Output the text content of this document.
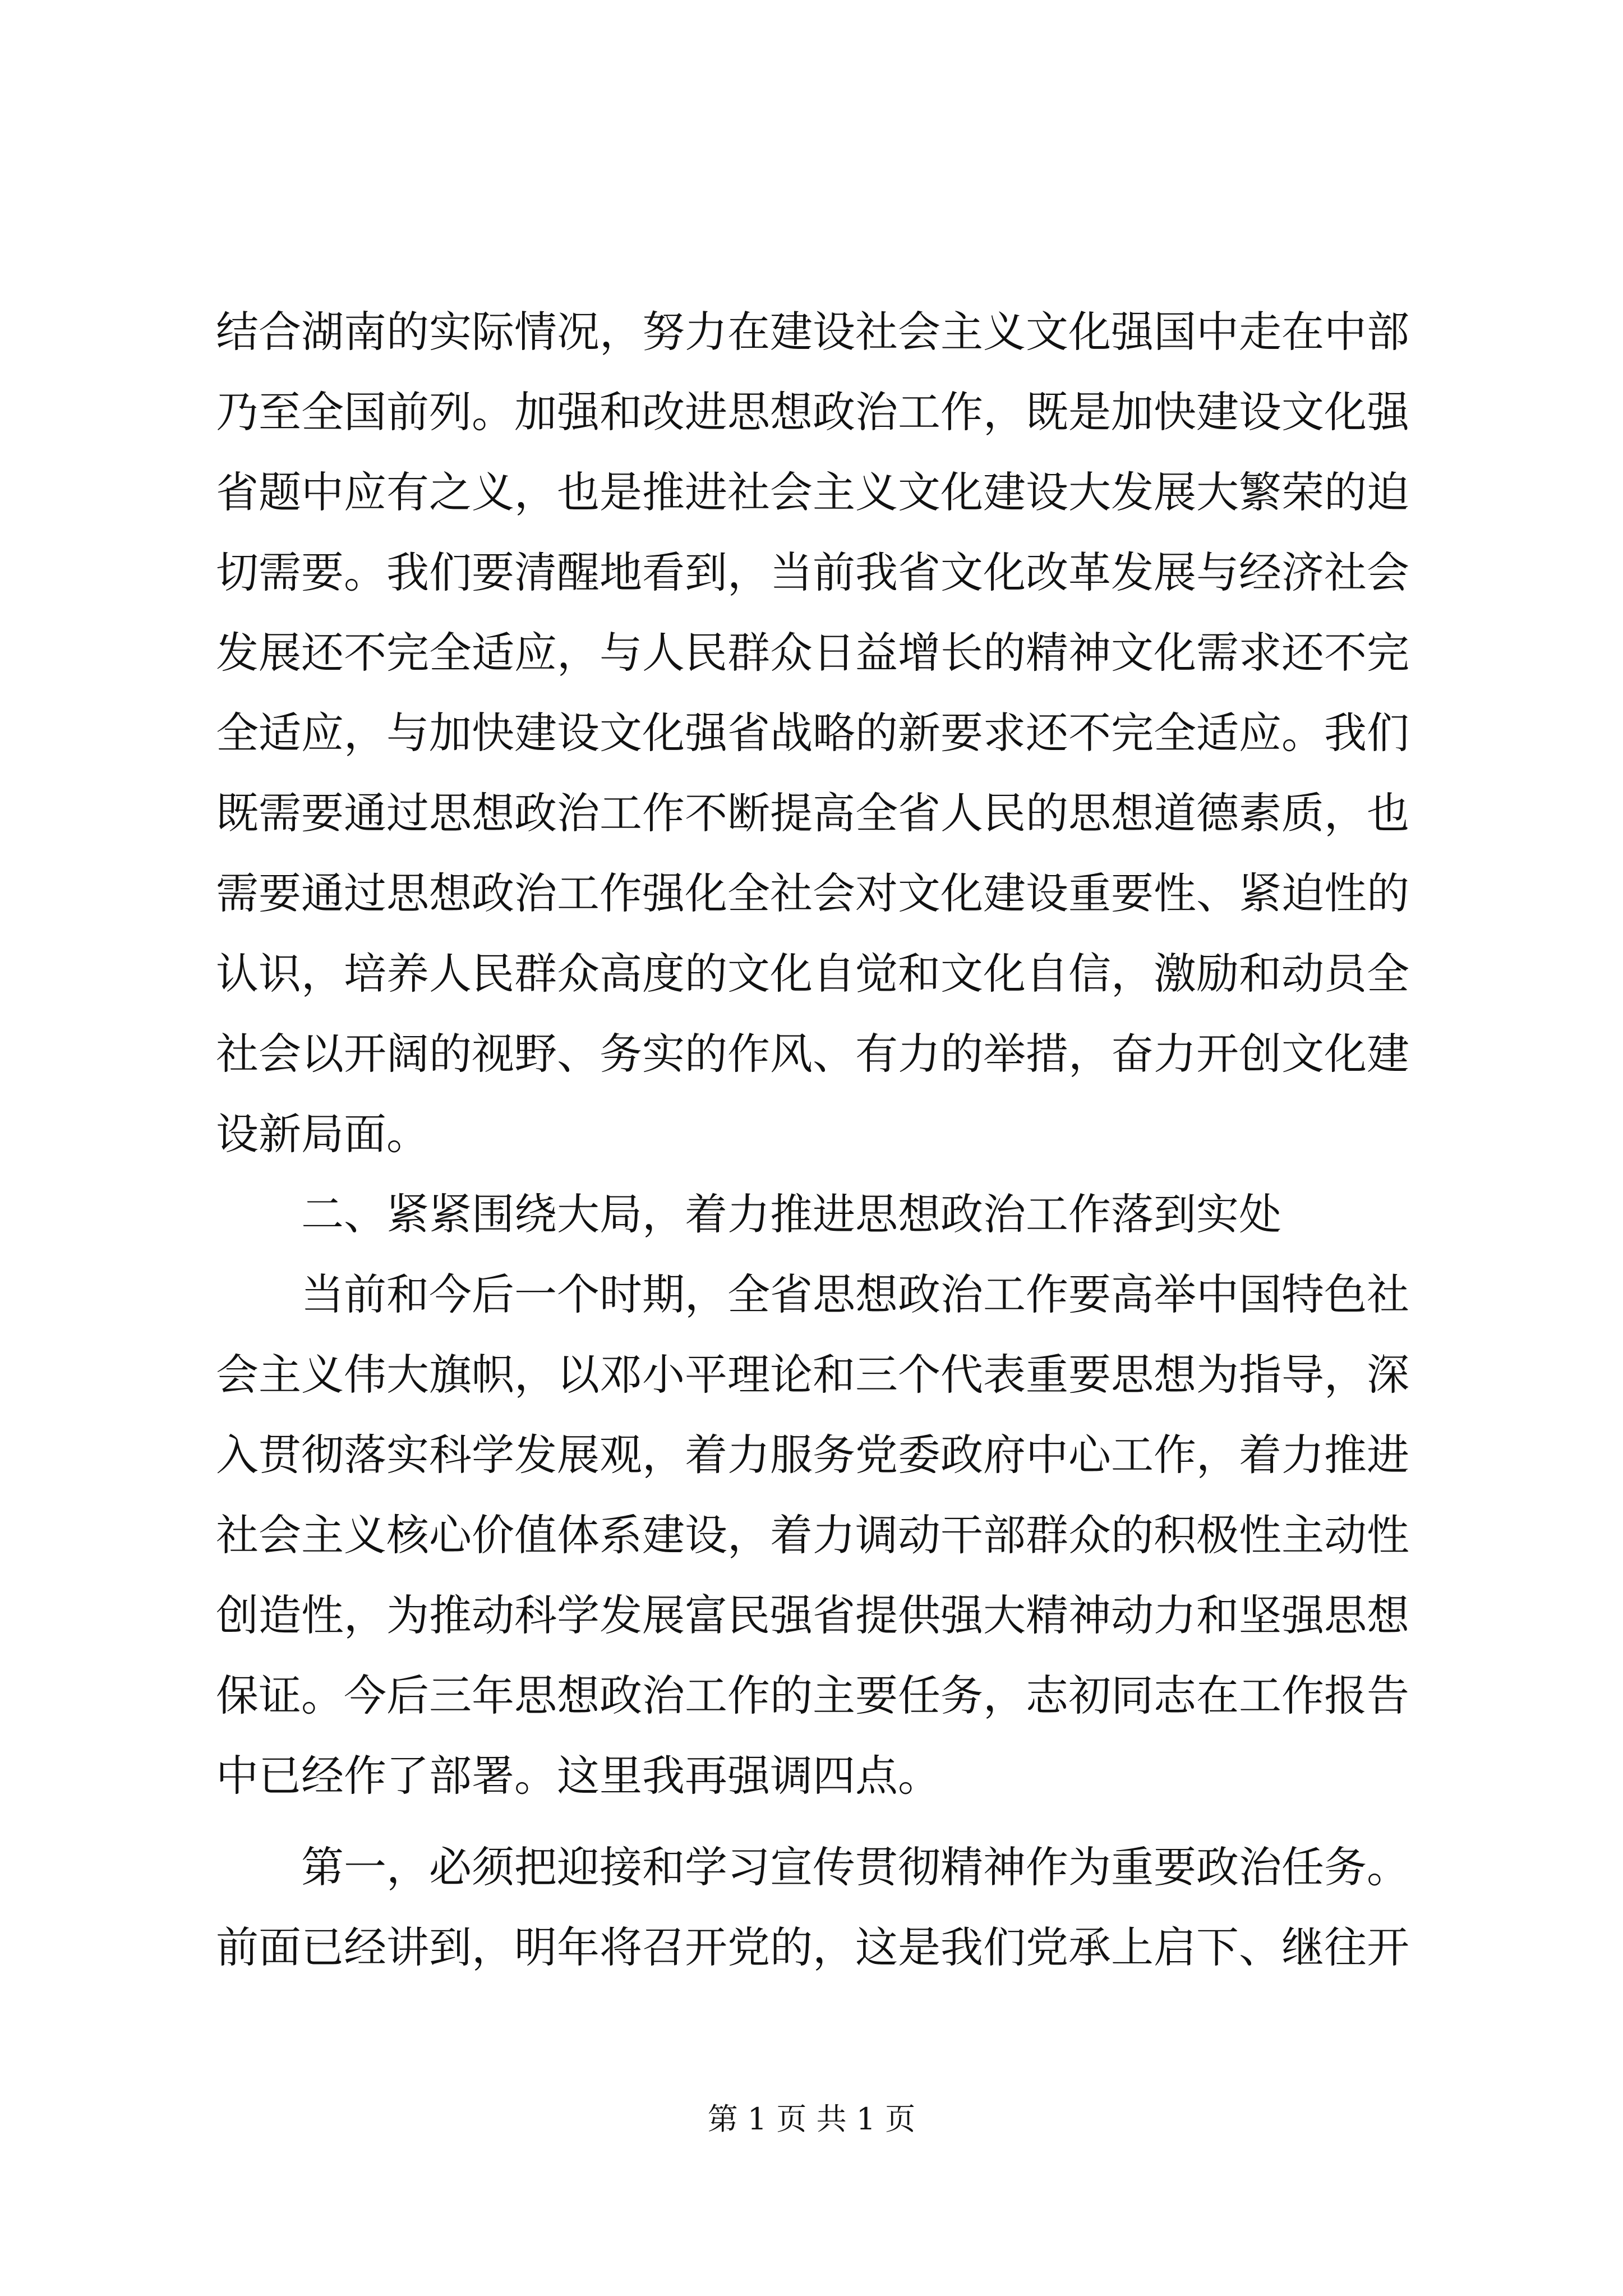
结合湖南的实际情况，努力在建设社会主义文化强国中走在中部
乃至全国前列。加强和改进思想政治工作，既是加快建设文化强
省题中应有之义，也是推进社会主义文化建设大发展大繁荣的迫
切需要。我们要清醒地看到，当前我省文化改革发展与经济社会
发展还不完全适应，与人民群众日益增长的精神文化需求还不完
全适应，与加快建设文化强省战略的新要求还不完全适应。我们
既需要通过思想政治工作不断提高全省人民的思想道德素质，也
需要通过思想政治工作强化全社会对文化建设重要性、紧迫性的
认识，培养人民群众高度的文化自觉和文化自信，激励和动员全
社会以开阔的视野、务实的作风、有力的举措，奋力开创文化建
设新局面。
二、紧紧围绕大局，着力推进思想政治工作落到实处
当前和今后一个时期，全省思想政治工作要高举中国特色社
会主义伟大旗帜，以邓小平理论和三个代表重要思想为指导，深
入贯彻落实科学发展观，着力服务党委政府中心工作，着力推进
社会主义核心价值体系建设，着力调动干部群众的积极性主动性
创造性，为推动科学发展富民强省提供强大精神动力和坚强思想
保证。今后三年思想政治工作的主要任务，志初同志在工作报告
中已经作了部署。这里我再强调四点。
第一，必须把迎接和学习宣传贯彻精神作为重要政治任务。
前面已经讲到，明年将召开党的，这是我们党承上启下、继往开
第 1 页 共 1 页
